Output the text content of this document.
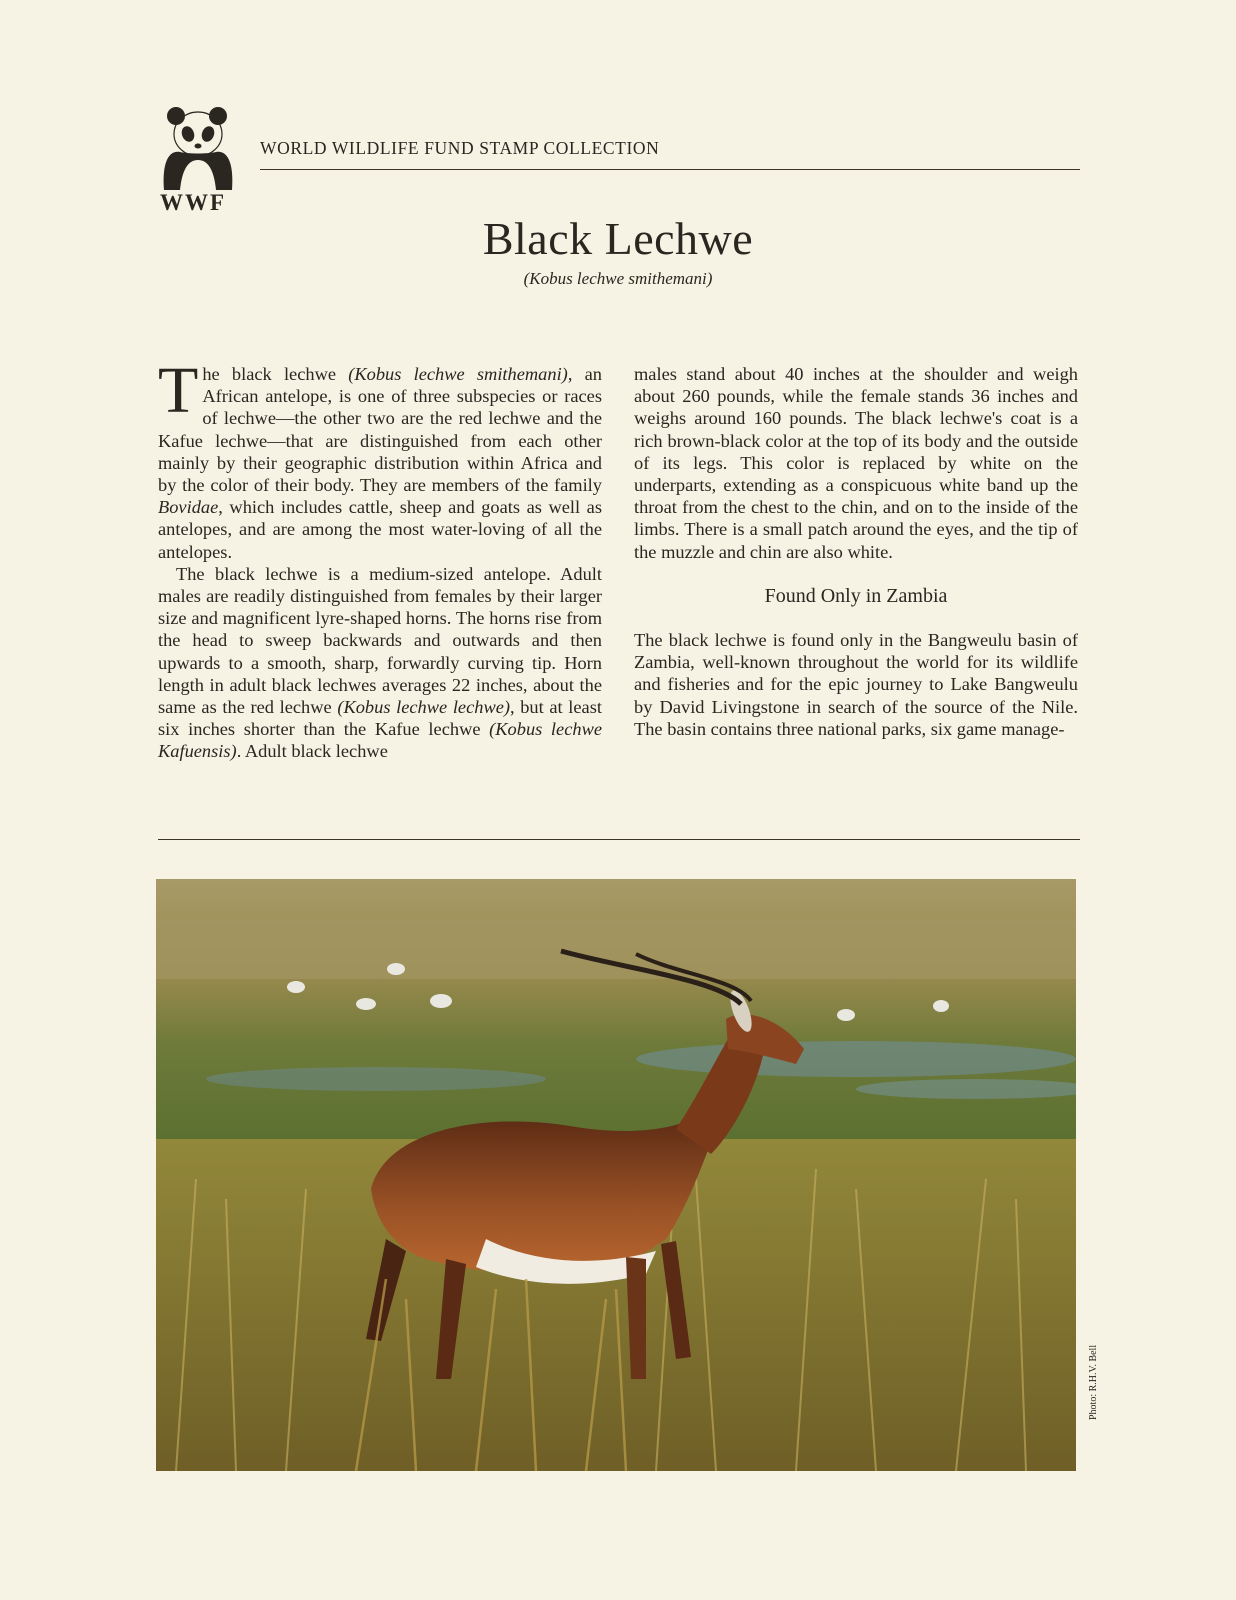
WWF
WORLD WILDLIFE FUND STAMP COLLECTION
Black Lechwe
(Kobus lechwe smithemani)

The black lechwe (Kobus lechwe smithemani), an African antelope, is one of three subspecies or races of lechwe—the other two are the red lechwe and the Kafue lechwe—that are distinguished from each other mainly by their geographic distribution within Africa and by the color of their body. They are members of the family Bovidae, which includes cattle, sheep and goats as well as antelopes, and are among the most water-loving of all the antelopes.

The black lechwe is a medium-sized antelope. Adult males are readily distinguished from females by their larger size and magnificent lyre-shaped horns. The horns rise from the head to sweep backwards and outwards and then upwards to a smooth, sharp, forwardly curving tip. Horn length in adult black lechwes averages 22 inches, about the same as the red lechwe (Kobus lechwe lechwe), but at least six inches shorter than the Kafue lechwe (Kobus lechwe Kafuensis). Adult black lechwe

males stand about 40 inches at the shoulder and weigh about 260 pounds, while the female stands 36 inches and weighs around 160 pounds. The black lechwe's coat is a rich brown-black color at the top of its body and the outside of its legs. This color is replaced by white on the underparts, extending as a conspicuous white band up the throat from the chest to the chin, and on to the inside of the limbs. There is a small patch around the eyes, and the tip of the muzzle and chin are also white.

Found Only in Zambia

The black lechwe is found only in the Bangweulu basin of Zambia, well-known throughout the world for its wildlife and fisheries and for the epic journey to Lake Bangweulu by David Livingstone in search of the source of the Nile. The basin contains three national parks, six game manage-

Photo: R.H.V. Bell
